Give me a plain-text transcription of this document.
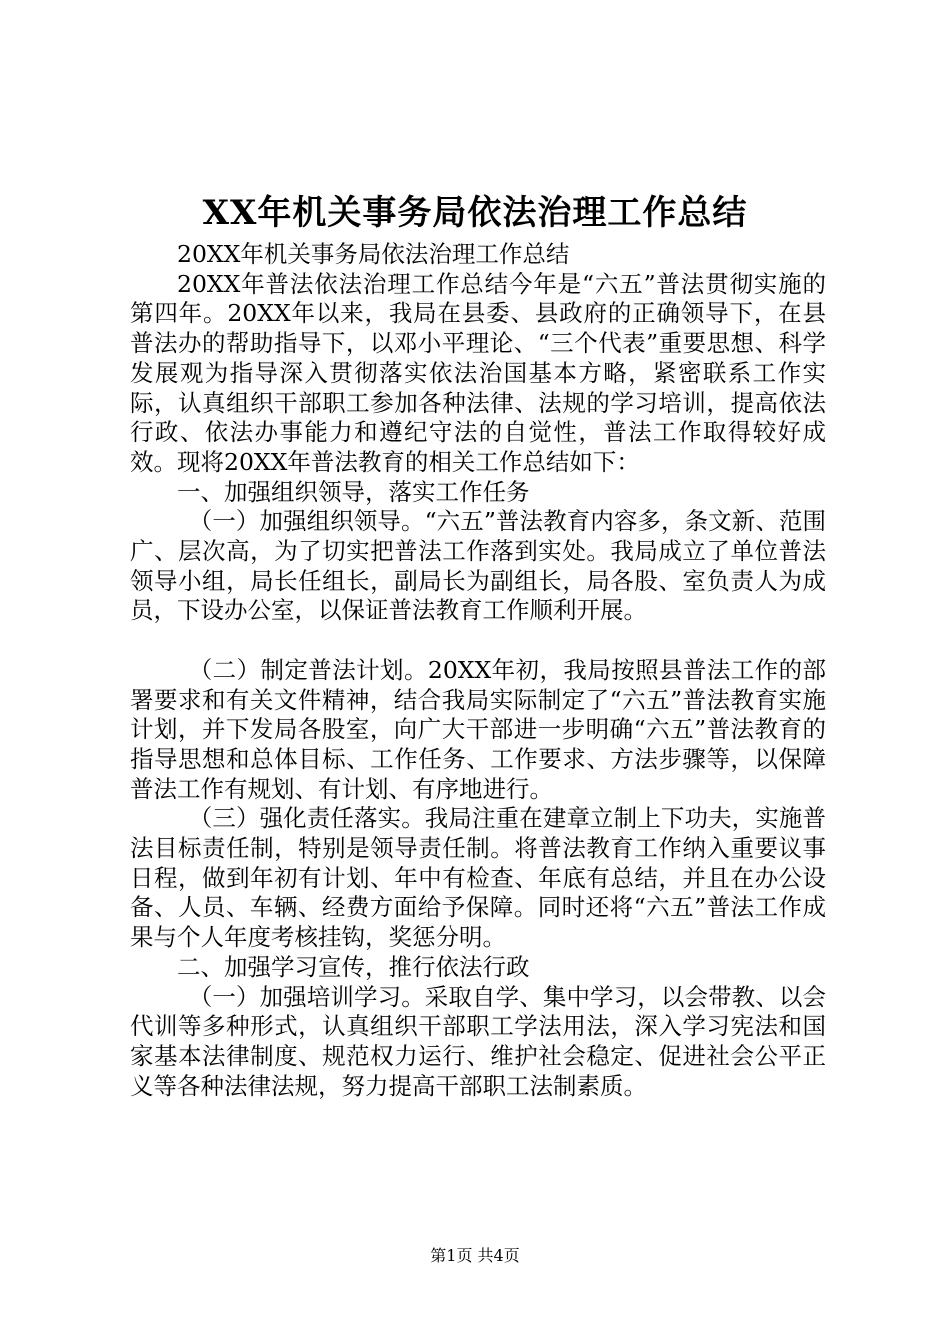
XX年机关事务局依法治理工作总结

20XX年机关事务局依法治理工作总结

20XX年普法依法治理工作总结今年是“六五”普法贯彻实施的第四年。20XX年以来，我局在县委、县政府的正确领导下，在县普法办的帮助指导下，以邓小平理论、“三个代表”重要思想、科学发展观为指导深入贯彻落实依法治国基本方略，紧密联系工作实际，认真组织干部职工参加各种法律、法规的学习培训，提高依法行政、依法办事能力和遵纪守法的自觉性，普法工作取得较好成效。现将20XX年普法教育的相关工作总结如下：

一、加强组织领导，落实工作任务

（一）加强组织领导。“六五”普法教育内容多，条文新、范围广、层次高，为了切实把普法工作落到实处。我局成立了单位普法领导小组，局长任组长，副局长为副组长，局各股、室负责人为成员，下设办公室，以保证普法教育工作顺利开展。

（二）制定普法计划。20XX年初，我局按照县普法工作的部署要求和有关文件精神，结合我局实际制定了“六五”普法教育实施计划，并下发局各股室，向广大干部进一步明确“六五”普法教育的指导思想和总体目标、工作任务、工作要求、方法步骤等，以保障普法工作有规划、有计划、有序地进行。

（三）强化责任落实。我局注重在建章立制上下功夫，实施普法目标责任制，特别是领导责任制。将普法教育工作纳入重要议事日程，做到年初有计划、年中有检查、年底有总结，并且在办公设备、人员、车辆、经费方面给予保障。同时还将“六五”普法工作成果与个人年度考核挂钩，奖惩分明。

二、加强学习宣传，推行依法行政

（一）加强培训学习。采取自学、集中学习，以会带教、以会代训等多种形式，认真组织干部职工学法用法，深入学习宪法和国家基本法律制度、规范权力运行、维护社会稳定、促进社会公平正义等各种法律法规，努力提高干部职工法制素质。

第1页 共4页
